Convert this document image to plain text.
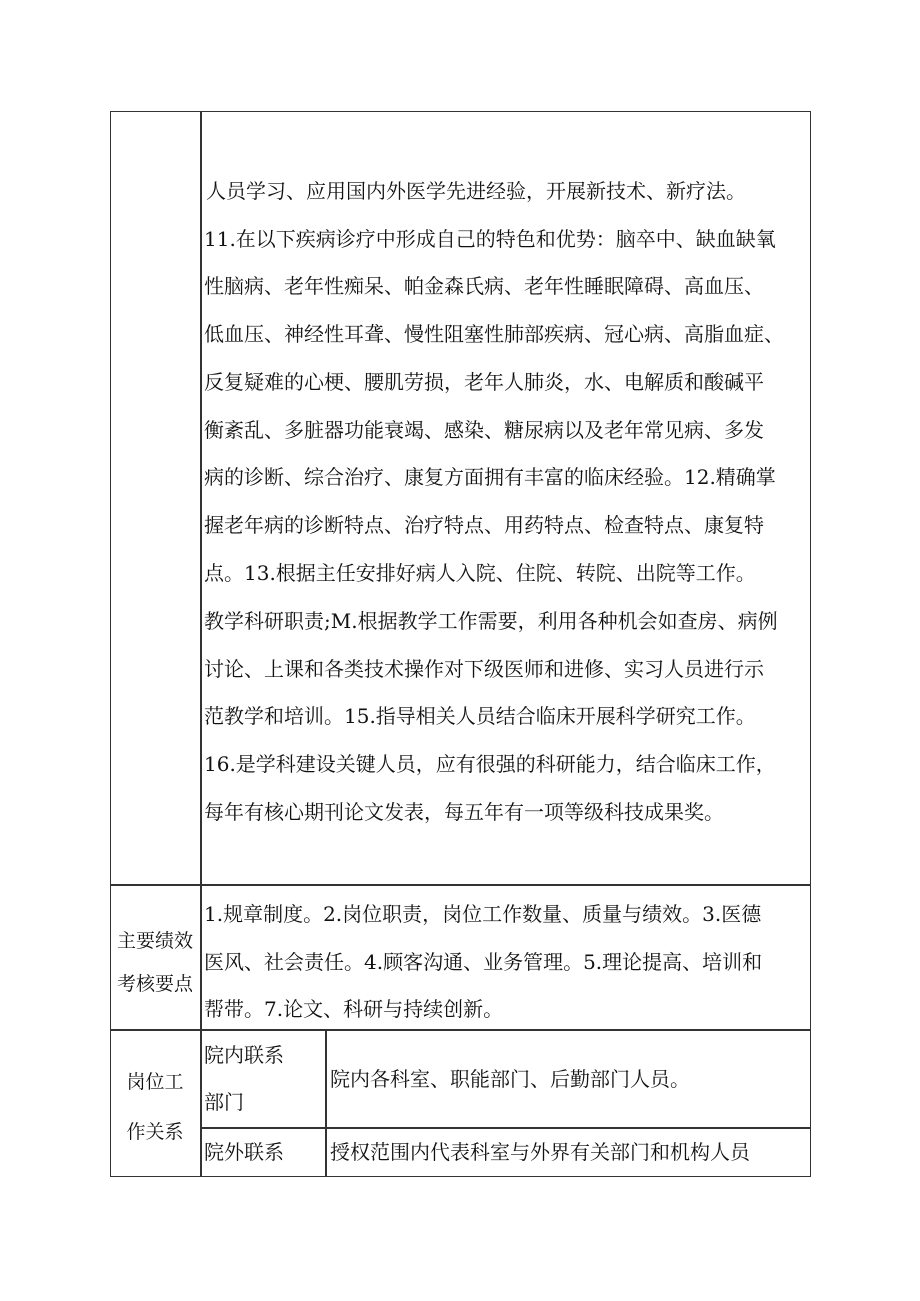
人员学习、应用国内外医学先进经验，开展新技术、新疗法。
11.在以下疾病诊疗中形成自己的特色和优势：脑卒中、缺血缺氧
性脑病、老年性痴呆、帕金森氏病、老年性睡眠障碍、高血压、
低血压、神经性耳聋、慢性阻塞性肺部疾病、冠心病、高脂血症、
反复疑难的心梗、腰肌劳损，老年人肺炎，水、电解质和酸碱平
衡紊乱、多脏器功能衰竭、感染、糖尿病以及老年常见病、多发
病的诊断、综合治疗、康复方面拥有丰富的临床经验。12.精确掌
握老年病的诊断特点、治疗特点、用药特点、检查特点、康复特
点。13.根据主任安排好病人入院、住院、转院、出院等工作。
教学科研职责;M.根据教学工作需要，利用各种机会如查房、病例
讨论、上课和各类技术操作对下级医师和进修、实习人员进行示
范教学和培训。15.指导相关人员结合临床开展科学研究工作。
16.是学科建设关键人员，应有很强的科研能力，结合临床工作，
每年有核心期刊论文发表，每五年有一项等级科技成果奖。
主要绩效
考核要点
1.规章制度。2.岗位职责，岗位工作数量、质量与绩效。3.医德
医风、社会责任。4.顾客沟通、业务管理。5.理论提高、培训和
帮带。7.论文、科研与持续创新。
岗位工
作关系
院内联系
部门
院内各科室、职能部门、后勤部门人员。
院外联系 授权范围内代表科室与外界有关部门和机构人员
